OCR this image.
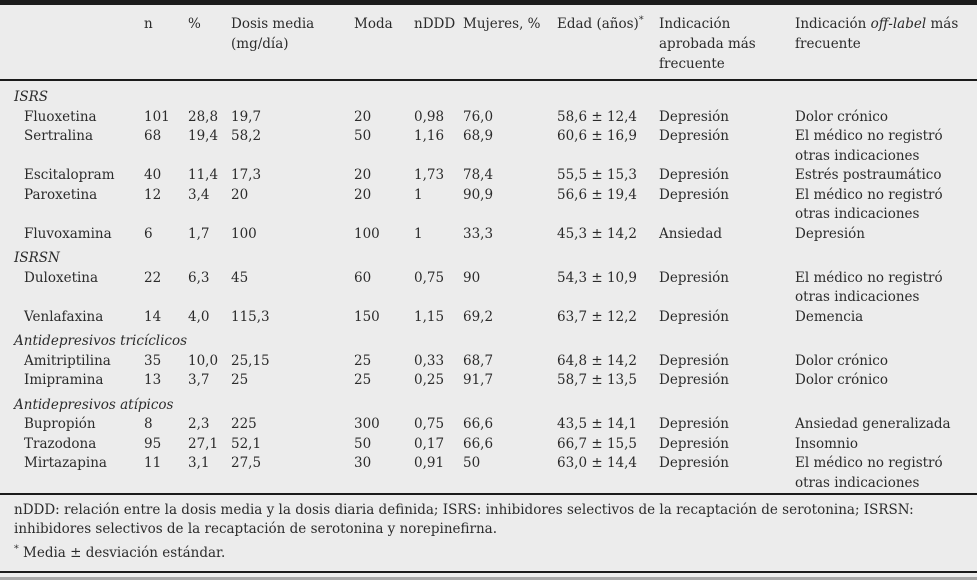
	n	%	Dosis media (mg/día)	Moda	nDDD	Mujeres, %	Edad (años)*	Indicación aprobada más frecuente	Indicación off-label más frecuente
ISRS									
Fluoxetina	101	28,8	19,7	20	0,98	76,0	58,6 ± 12,4	Depresión	Dolor crónico
Sertralina	68	19,4	58,2	50	1,16	68,9	60,6 ± 16,9	Depresión	El médico no registró otras indicaciones
Escitalopram	40	11,4	17,3	20	1,73	78,4	55,5 ± 15,3	Depresión	Estrés postraumático
Paroxetina	12	3,4	20	20	1	90,9	56,6 ± 19,4	Depresión	El médico no registró otras indicaciones
Fluvoxamina	6	1,7	100	100	1	33,3	45,3 ± 14,2	Ansiedad	Depresión
ISRSN									
Duloxetina	22	6,3	45	60	0,75	90	54,3 ± 10,9	Depresión	El médico no registró otras indicaciones
Venlafaxina	14	4,0	115,3	150	1,15	69,2	63,7 ± 12,2	Depresión	Demencia
Antidepresivos tricíclicos									
Amitriptilina	35	10,0	25,15	25	0,33	68,7	64,8 ± 14,2	Depresión	Dolor crónico
Imipramina	13	3,7	25	25	0,25	91,7	58,7 ± 13,5	Depresión	Dolor crónico
Antidepresivos atípicos									
Bupropión	8	2,3	225	300	0,75	66,6	43,5 ± 14,1	Depresión	Ansiedad generalizada
Trazodona	95	27,1	52,1	50	0,17	66,6	66,7 ± 15,5	Depresión	Insomnio
Mirtazapina	11	3,1	27,5	30	0,91	50	63,0 ± 14,4	Depresión	El médico no registró otras indicaciones

nDDD: relación entre la dosis media y la dosis diaria definida; ISRS: inhibidores selectivos de la recaptación de serotonina; ISRSN: inhibidores selectivos de la recaptación de serotonina y norepinefirna.

* Media ± desviación estándar.
